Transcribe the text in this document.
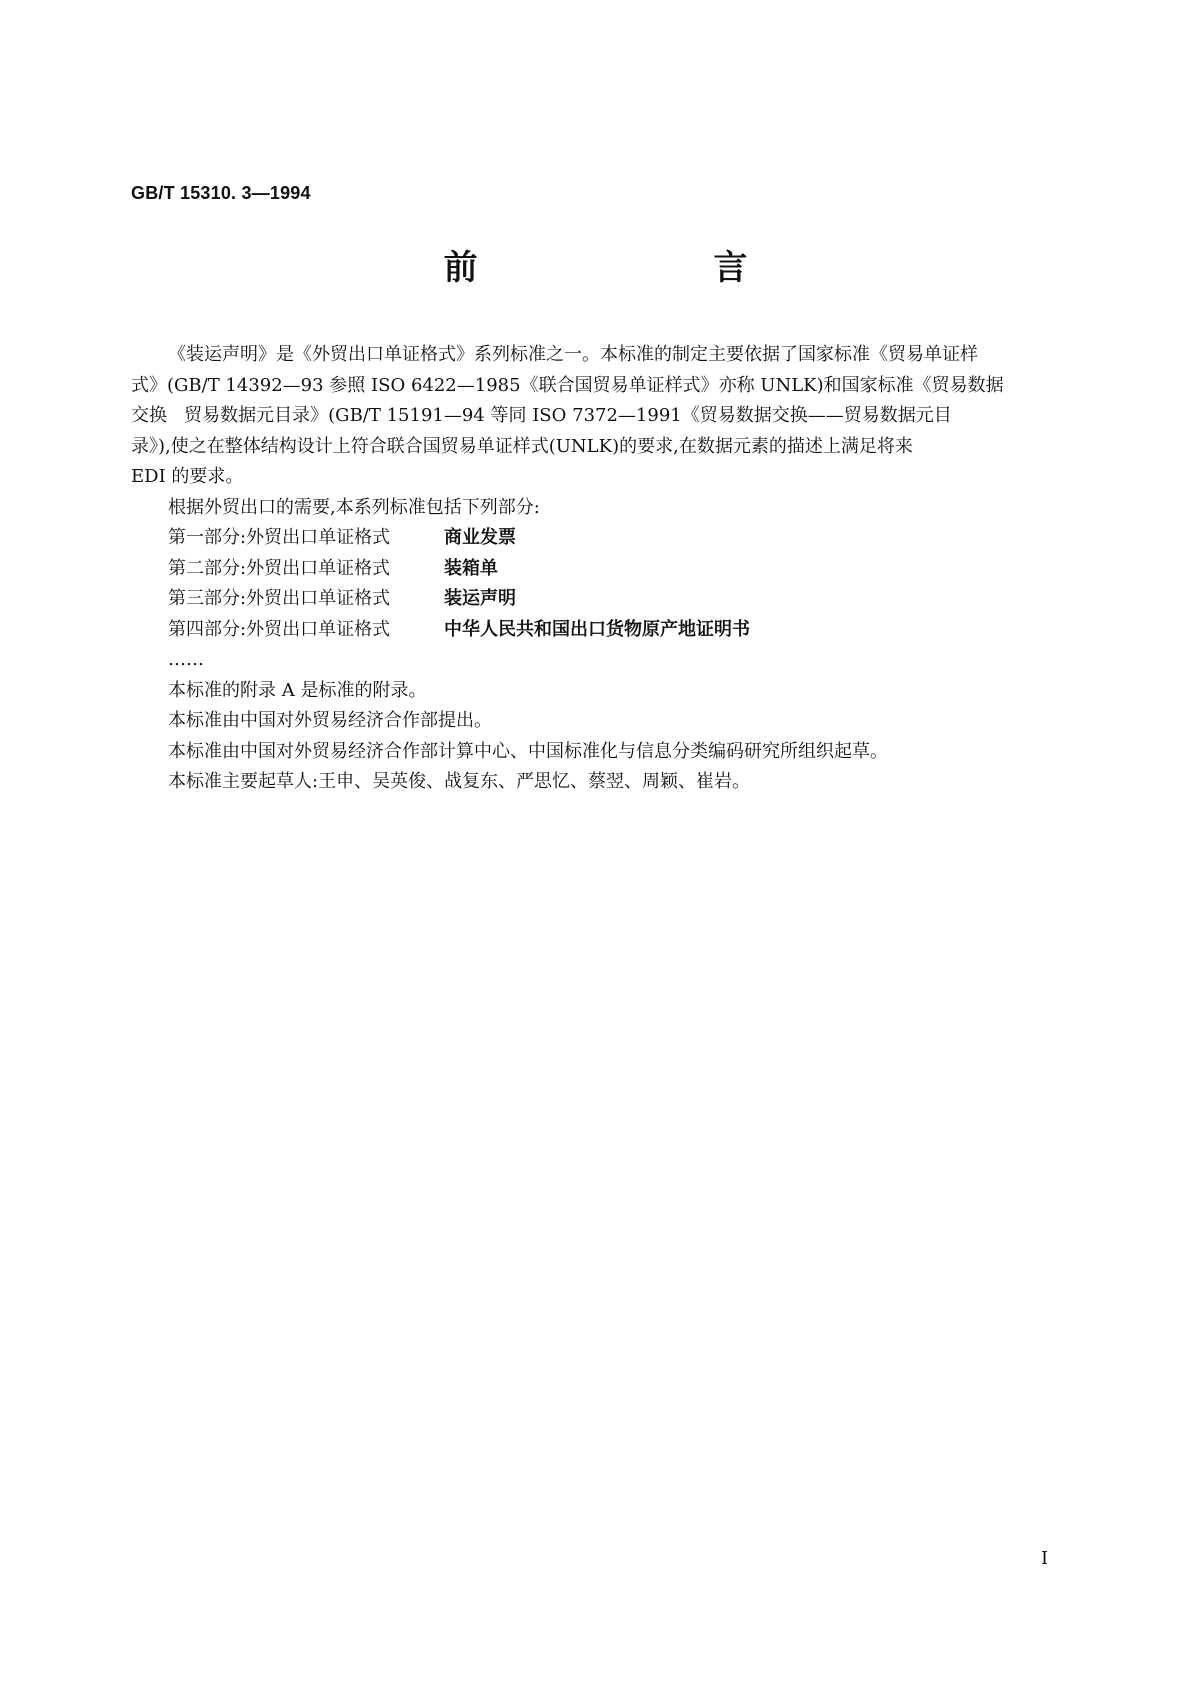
GB/T 15310. 3—1994
前 言
《装运声明》是《外贸出口单证格式》系列标准之一。本标准的制定主要依据了国家标准《贸易单证样
式》(GB/T 14392—93 参照 ISO 6422—1985《联合国贸易单证样式》亦称 UNLK)和国家标准《贸易数据
交换   贸易数据元目录》(GB/T 15191—94 等同 ISO 7372—1991《贸易数据交换——贸易数据元目
录》),使之在整体结构设计上符合联合国贸易单证样式(UNLK)的要求,在数据元素的描述上满足将来
EDI 的要求。
根据外贸出口的需要,本系列标准包括下列部分:
第一部分:外贸出口单证格式	商业发票
第二部分:外贸出口单证格式	装箱单
第三部分:外贸出口单证格式	装运声明
第四部分:外贸出口单证格式	中华人民共和国出口货物原产地证明书
……
本标准的附录 A 是标准的附录。
本标准由中国对外贸易经济合作部提出。
本标准由中国对外贸易经济合作部计算中心、中国标准化与信息分类编码研究所组织起草。
本标准主要起草人:王申、吴英俊、战复东、严思忆、蔡翌、周颖、崔岩。
I
